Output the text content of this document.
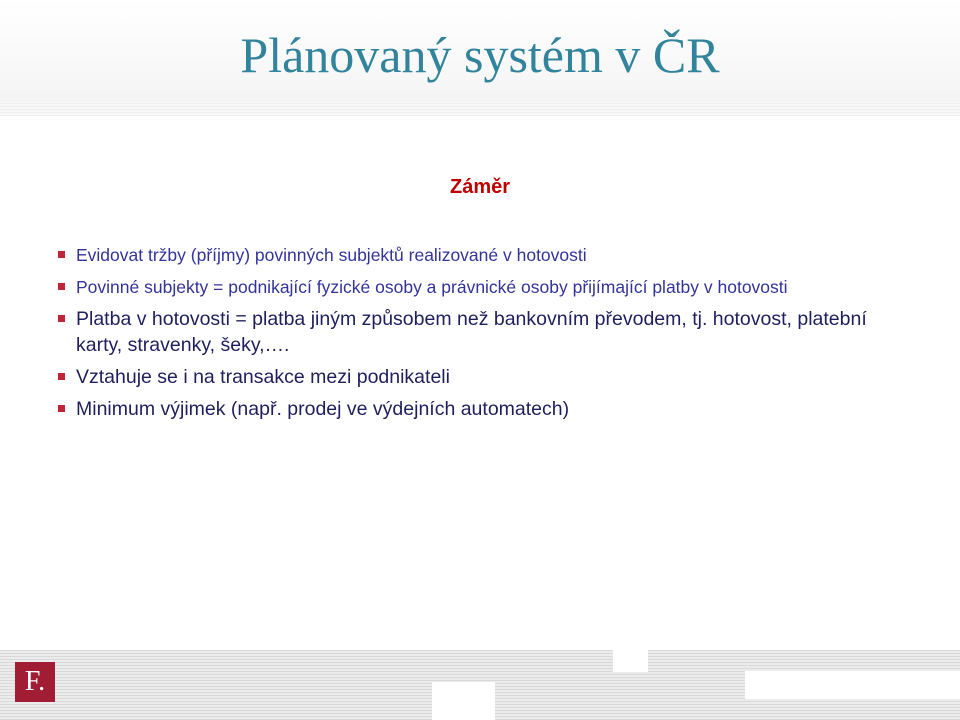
Plánovaný systém v ČR
Záměr
Evidovat tržby (příjmy) povinných subjektů realizované v hotovosti
Povinné subjekty = podnikající fyzické osoby a právnické osoby přijímající platby v hotovosti
Platba v hotovosti = platba jiným způsobem než bankovním převodem, tj. hotovost, platební karty, stravenky, šeky,….
Vztahuje se i na transakce mezi podnikateli
Minimum výjimek (např. prodej ve výdejních automatech)
F.
